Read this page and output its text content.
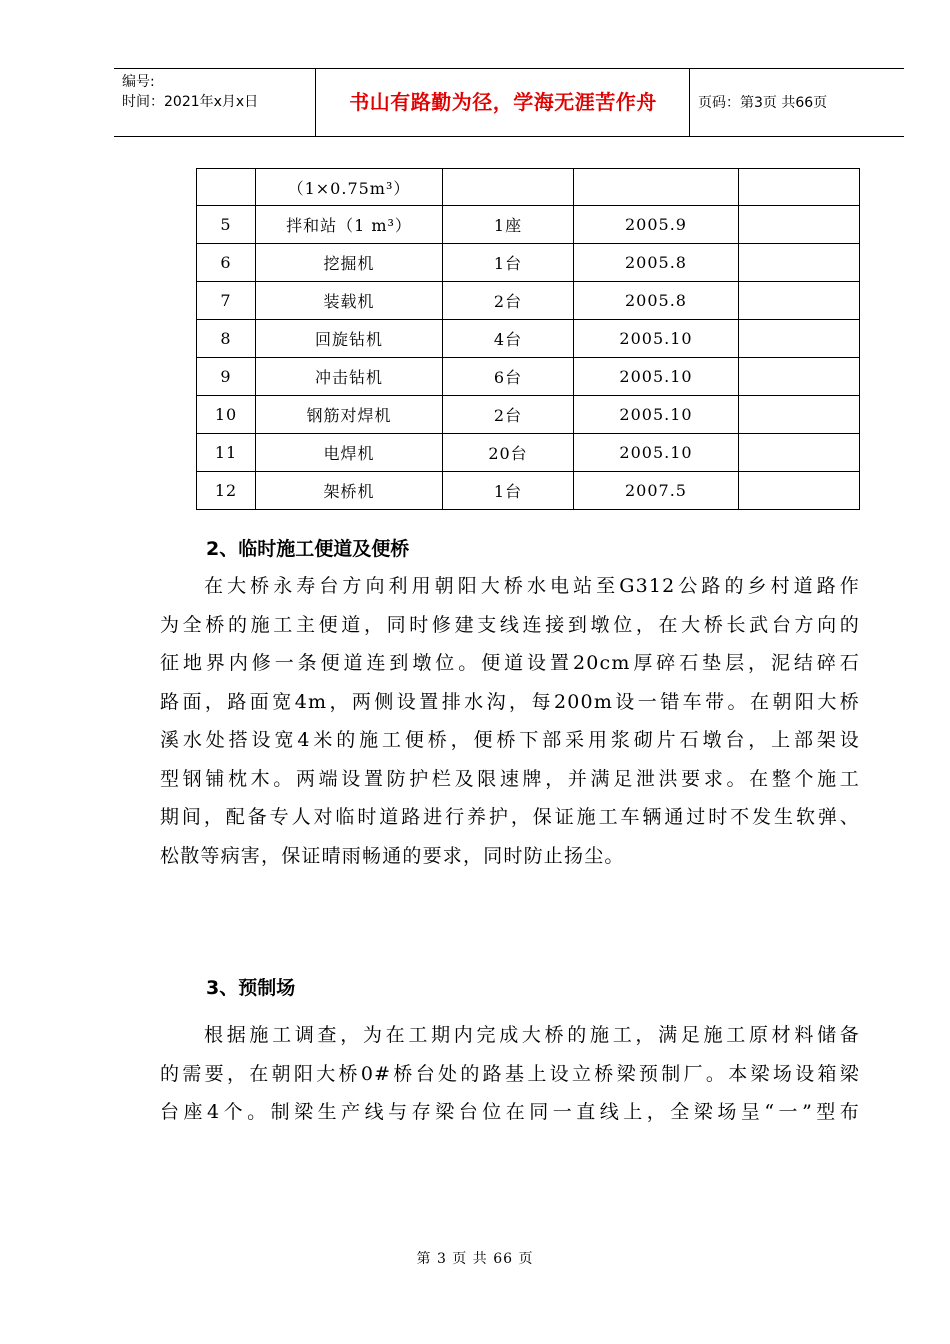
编号:
时间：2021年x月x日	书山有路勤为径，学海无涯苦作舟	页码：第3页 共66页
	（1×0.75m³）			
5	拌和站（1 m³）	1座	2005.9	
6	挖掘机	1台	2005.8	
7	装载机	2台	2005.8	
8	回旋钻机	4台	2005.10	
9	冲击钻机	6台	2005.10	
10	钢筋对焊机	2台	2005.10	
11	电焊机	20台	2005.10	
12	架桥机	1台	2007.5	
2、临时施工便道及便桥
在大桥永寿台方向利用朝阳大桥水电站至G312公路的乡村道路作
为全桥的施工主便道，同时修建支线连接到墩位，在大桥长武台方向的
征地界内修一条便道连到墩位。便道设置20cm厚碎石垫层，泥结碎石
路面，路面宽4m，两侧设置排水沟，每200m设一错车带。在朝阳大桥
溪水处搭设宽4米的施工便桥，便桥下部采用浆砌片石墩台，上部架设
型钢铺枕木。两端设置防护栏及限速牌，并满足泄洪要求。在整个施工
期间，配备专人对临时道路进行养护，保证施工车辆通过时不发生软弹、
松散等病害，保证晴雨畅通的要求，同时防止扬尘。
3、预制场
根据施工调查，为在工期内完成大桥的施工，满足施工原材料储备
的需要，在朝阳大桥0#桥台处的路基上设立桥梁预制厂。本梁场设箱梁
台座4个。制梁生产线与存梁台位在同一直线上，全梁场呈“一”型布
第 3 页 共 66 页
